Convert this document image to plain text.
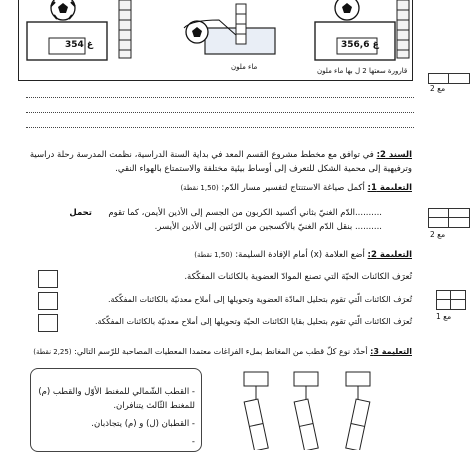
354 غ	356,6 غ
ماء ملون	قارورة سعتها 2 ل بها ماء ملون
مع 2
السند 2: في توافق مع مخطط مشروع القسم المعد في بداية السنة الدراسية، نظمت المدرسة رحلة دراسية
وترفيهية إلى محمية الشكل للتعرف إلى أوساط بيئية مختلفة والاستمتاع بالهواء النقي.
التعليمة 1: أكمل صياغة الاستنتاج لتفسير مسار الدّم: (1,50 نقطة)
تحمل	..........الدّم الغنيّ بثاني أكسيد الكربون من الجسم إلى الأذين الأيمن، كما تقوم
.......... بنقل الدّم الغنيّ بالأكسجين من الرّئتين إلى الأذين الأيسر.
مع 2
التعليمة 2: أضع العلامة (x) أمام الإفادة السليمة: (1,50 نقطة)
تُعرَف الكائنات الحيّة التي تصنع الموادّ العضوية بالكائنات المفكّكة.
تُعرَف الكائنات الّتي تقوم بتحليل المادّة العضوية وتحويلها إلى أملاح معدنيّة بالكائنات المفكّكة.
تُعرَف الكائنات الّتي تقوم بتحليل بقايا الكائنات الحيّة وتحويلها إلى أملاح معدنيّة بالكائنات المفكّكة.
مع 1
التعليمة 3: أحدّد نوع كلّ قطب من المغانط بملء الفراغات معتمدا المعطيات المصاحبة للرّسم التالي: (2,25 نقطة)
- القطب الشّمالي للمغنط الأوّل والقطب (م)
للمغنط الثّالث يتنافران.
- القطبان (ل) و (م) يتجاذبان.
-
